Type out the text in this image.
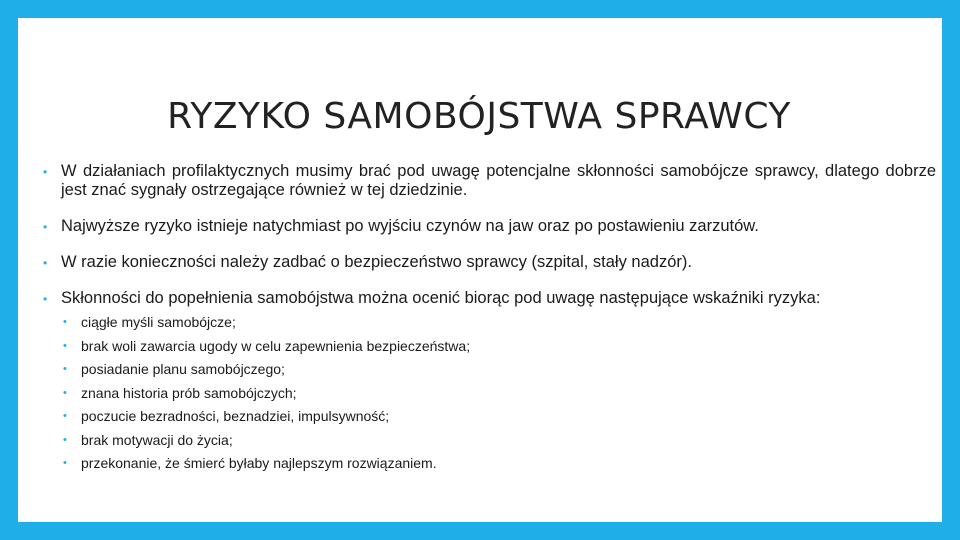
RYZYKO SAMOBÓJSTWA SPRAWCY
• W działaniach profilaktycznych musimy brać pod uwagę potencjalne skłonności samobójcze sprawcy, dlatego dobrze jest znać sygnały ostrzegające również w tej dziedzinie.
• Najwyższe ryzyko istnieje natychmiast po wyjściu czynów na jaw oraz po postawieniu zarzutów.
• W razie konieczności należy zadbać o bezpieczeństwo sprawcy (szpital, stały nadzór).
• Skłonności do popełnienia samobójstwa można ocenić biorąc pod uwagę następujące wskaźniki ryzyka:
• ciągłe myśli samobójcze;
• brak woli zawarcia ugody w celu zapewnienia bezpieczeństwa;
• posiadanie planu samobójczego;
• znana historia prób samobójczych;
• poczucie bezradności, beznadziei, impulsywność;
• brak motywacji do życia;
• przekonanie, że śmierć byłaby najlepszym rozwiązaniem.
